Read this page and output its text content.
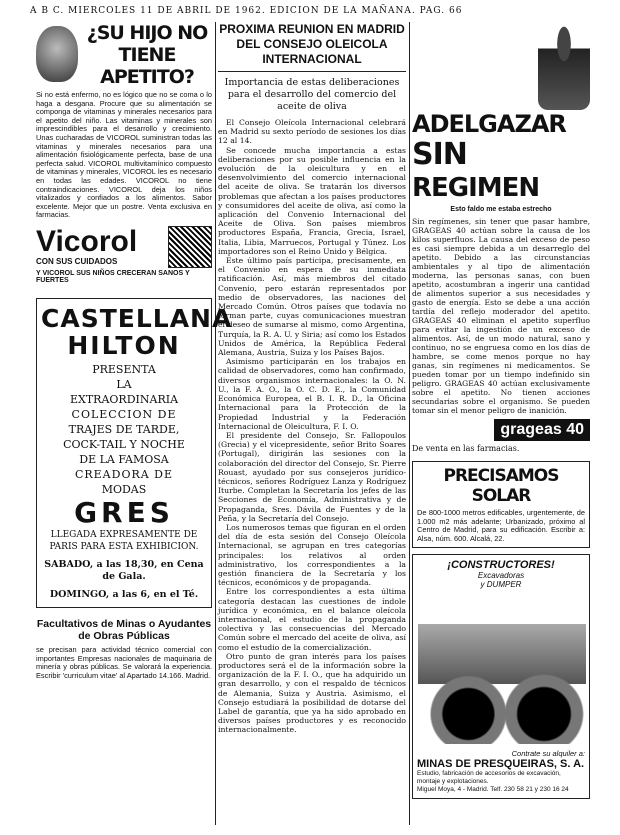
A B C. MIERCOLES 11 DE ABRIL DE 1962. EDICION DE LA MAÑANA. PAG. 66
¿SU HIJO NO TIENE APETITO?
Si no está enfermo, no es lógico que no se coma o lo haga a desgana. Procure que su alimentación se componga de vitaminas y minerales necesarios para el apetito del niño. Las vitaminas y minerales son imprescindibles para el desarrollo y crecimiento. Unas cucharadas de VICOROL suministran todas las vitaminas y minerales necesarios para una alimentación fisiológicamente perfecta, base de una perfecta salud. VICOROL multivitamínico compuesto de vitaminas y minerales, VICOROL les es necesario en todas las edades. VICOROL no tiene contraindicaciones. VICOROL deja los niños vitalizados y confiados a los alimentos. Sabor excelente. Mejor que un postre. Venta exclusiva en farmacias.
Vicorol
CON SUS CUIDADOS
Y VICOROL SUS NIÑOS CRECERAN SANOS Y FUERTES
CASTELLANA
HILTON
PRESENTA
LA
EXTRAORDINARIA
COLECCION DE
TRAJES DE TARDE,
COCK-TAIL Y NOCHE
DE LA FAMOSA
CREADORA DE
MODAS
GRES
LLEGADA EXPRESAMENTE DE PARIS PARA ESTA EXHIBICION.
SABADO, a las 18,30, en Cena de Gala.
DOMINGO, a las 6, en el Té.
Facultativos de Minas o Ayudantes de Obras Públicas
se precisan para actividad técnico comercial con importantes Empresas nacionales de maquinaria de minería y obras públicas. Se valorará la experiencia. Escribir 'curriculum vitae' al Apartado 14.166. Madrid.
PROXIMA REUNION EN MADRID DEL CONSEJO OLEICOLA INTERNACIONAL
Importancia de estas deliberaciones para el desarrollo del comercio del aceite de oliva
El Consejo Oleícola Internacional celebrará en Madrid su sexto período de sesiones los días 12 al 14.
Se concede mucha importancia a estas deliberaciones por su posible influencia en la evolución de la oleicultura y en el desenvolvimiento del comercio internacional del aceite de oliva. Se tratarán los diversos problemas que afectan a los países productores y consumidores del aceite de oliva, así como la aplicación del Convenio Internacional del Aceite de Oliva. Son países miembros productores España, Francia, Grecia, Israel, Italia, Libia, Marruecos, Portugal y Túnez. Los importadores son el Reino Unido y Bélgica.
Este último país participa, precisamente, en el Convenio en espera de su inmediata ratificación. Así, más miembros del citado Convenio, pero estarán representados por medio de observadores, las naciones del Mercado Común. Otros países que todavía no forman parte, cuyas comunicaciones muestran el deseo de sumarse al mismo, como Argentina, Turquía, la R. A. U. y Siria; así como los Estados Unidos de América, la República Federal Alemana, Austria, Suiza y los Países Bajos.
Asimismo participarán en los trabajos en calidad de observadores, como han confirmado, diversos organismos internacionales: la O. N. U., la F. A. O., la O. C. D. E., la Comunidad Económica Europea, el B. I. R. D., la Oficina Internacional para la Protección de la Propiedad Industrial y la Federación Internacional de Oleicultura, F. I. O.
El presidente del Consejo, Sr. Fallopoulos (Grecia) y el vicepresidente, señor Brito Soares (Portugal), dirigirán las sesiones con la colaboración del director del Consejo, Sr. Pierre Rouast, ayudado por sus consejeros jurídico-técnicos, señores Rodríguez Lanza y Rodríguez Iturbe. Completan la Secretaría los jefes de las Secciones de Economía, Administrativa y de Propaganda, Sres. Dávila de Fuentes y de la Peña, y la Secretaría del Consejo.
Los numerosos temas que figuran en el orden del día de esta sesión del Consejo Oleícola Internacional, se agrupan en tres categorías principales: los relativos al orden administrativo, los correspondientes a la gestión financiera de la Secretaría y los técnicos, económicos y de propaganda.
Entre los correspondientes a esta última categoría destacan las cuestiones de índole jurídica y económica, en el balance oleícola internacional, el estudio de la propaganda colectiva y las consecuencias del Mercado Común sobre el mercado del aceite de oliva, así como el estudio de la comercialización.
Otro punto de gran interés para los países productores será el de la información sobre la organización de la F. I. O., que ha adquirido un gran desarrollo, y con el respaldo de técnicos de Alemania, Suiza y Austria. Asimismo, el Consejo estudiará la posibilidad de dotarse del Label de garantía, que ya ha sido aprobado en diversos países productores y es reconocido internacionalmente.
ADELGAZAR
SIN
REGIMEN
Esto faldo me estaba estrecho
Sin regímenes, sin tener que pasar hambre, GRAGEAS 40 actúan sobre la causa de los kilos superfluos. La causa del exceso de peso es casi siempre debida a un desarreglo del apetito. Debido a las circunstancias ambientales y al tipo de alimentación moderna, las personas sanas, con buen apetito, acostumbran a ingerir una cantidad de alimentos superior a sus necesidades y gasto de energía. Esto se debe a una acción tardía del reflejo moderador del apetito. GRAGEAS 40 eliminan el apetito superfluo para evitar la ingestión de un exceso de alimentos. Así, de un modo natural, sano y continuo, no se engruesa como en los días de hambre, se come menos porque no hay ganas, sin regímenes ni medicamentos. Se pueden tomar por un tiempo indefinido sin peligro. GRAGEAS 40 actúan exclusivamente sobre el apetito. No tienen acciones secundarias sobre el organismo. Se pueden tomar sin el menor peligro de inanición.
grageas 40
De venta en las farmacias.
PRECISAMOS SOLAR
De 800-1000 metros edificables, urgentemente, de 1.000 m2 más adelante; Urbanizado, próximo al Centro de Madrid, para su edificación. Escribir a: Alsa, núm. 600. Alcalá, 22.
¡CONSTRUCTORES!
Excavadoras
y DUMPER
Contrate su alquiler a:
MINAS DE PRESQUEIRAS, S. A.
Estudio, fabricación de accesorios de excavación, montaje y explotaciones.
Miguel Moya, 4 - Madrid. Telf. 230 58 21 y 230 16 24
